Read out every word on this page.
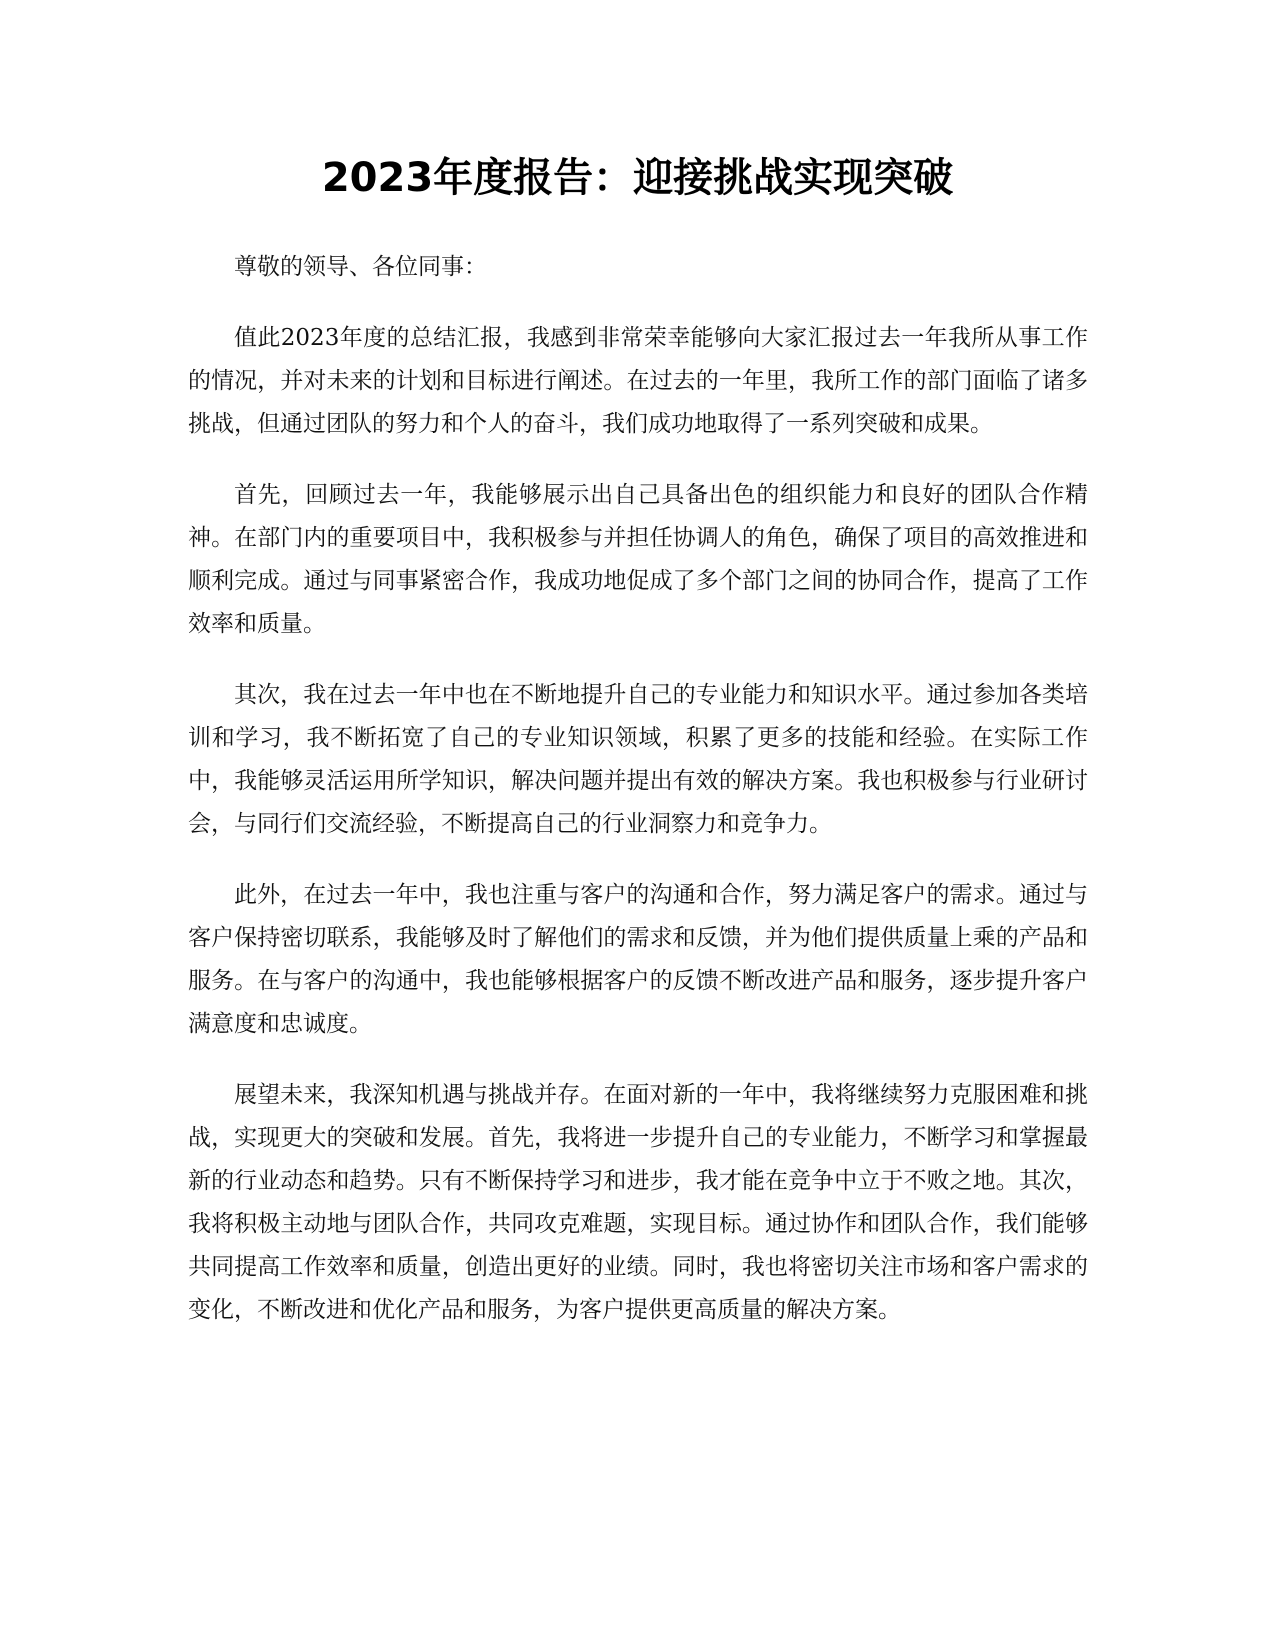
2023年度报告：迎接挑战实现突破

尊敬的领导、各位同事：

值此2023年度的总结汇报，我感到非常荣幸能够向大家汇报过去一年我所从事工作的情况，并对未来的计划和目标进行阐述。在过去的一年里，我所工作的部门面临了诸多挑战，但通过团队的努力和个人的奋斗，我们成功地取得了一系列突破和成果。

首先，回顾过去一年，我能够展示出自己具备出色的组织能力和良好的团队合作精神。在部门内的重要项目中，我积极参与并担任协调人的角色，确保了项目的高效推进和顺利完成。通过与同事紧密合作，我成功地促成了多个部门之间的协同合作，提高了工作效率和质量。

其次，我在过去一年中也在不断地提升自己的专业能力和知识水平。通过参加各类培训和学习，我不断拓宽了自己的专业知识领域，积累了更多的技能和经验。在实际工作中，我能够灵活运用所学知识，解决问题并提出有效的解决方案。我也积极参与行业研讨会，与同行们交流经验，不断提高自己的行业洞察力和竞争力。

此外，在过去一年中，我也注重与客户的沟通和合作，努力满足客户的需求。通过与客户保持密切联系，我能够及时了解他们的需求和反馈，并为他们提供质量上乘的产品和服务。在与客户的沟通中，我也能够根据客户的反馈不断改进产品和服务，逐步提升客户满意度和忠诚度。

展望未来，我深知机遇与挑战并存。在面对新的一年中，我将继续努力克服困难和挑战，实现更大的突破和发展。首先，我将进一步提升自己的专业能力，不断学习和掌握最新的行业动态和趋势。只有不断保持学习和进步，我才能在竞争中立于不败之地。其次，我将积极主动地与团队合作，共同攻克难题，实现目标。通过协作和团队合作，我们能够共同提高工作效率和质量，创造出更好的业绩。同时，我也将密切关注市场和客户需求的变化，不断改进和优化产品和服务，为客户提供更高质量的解决方案。
